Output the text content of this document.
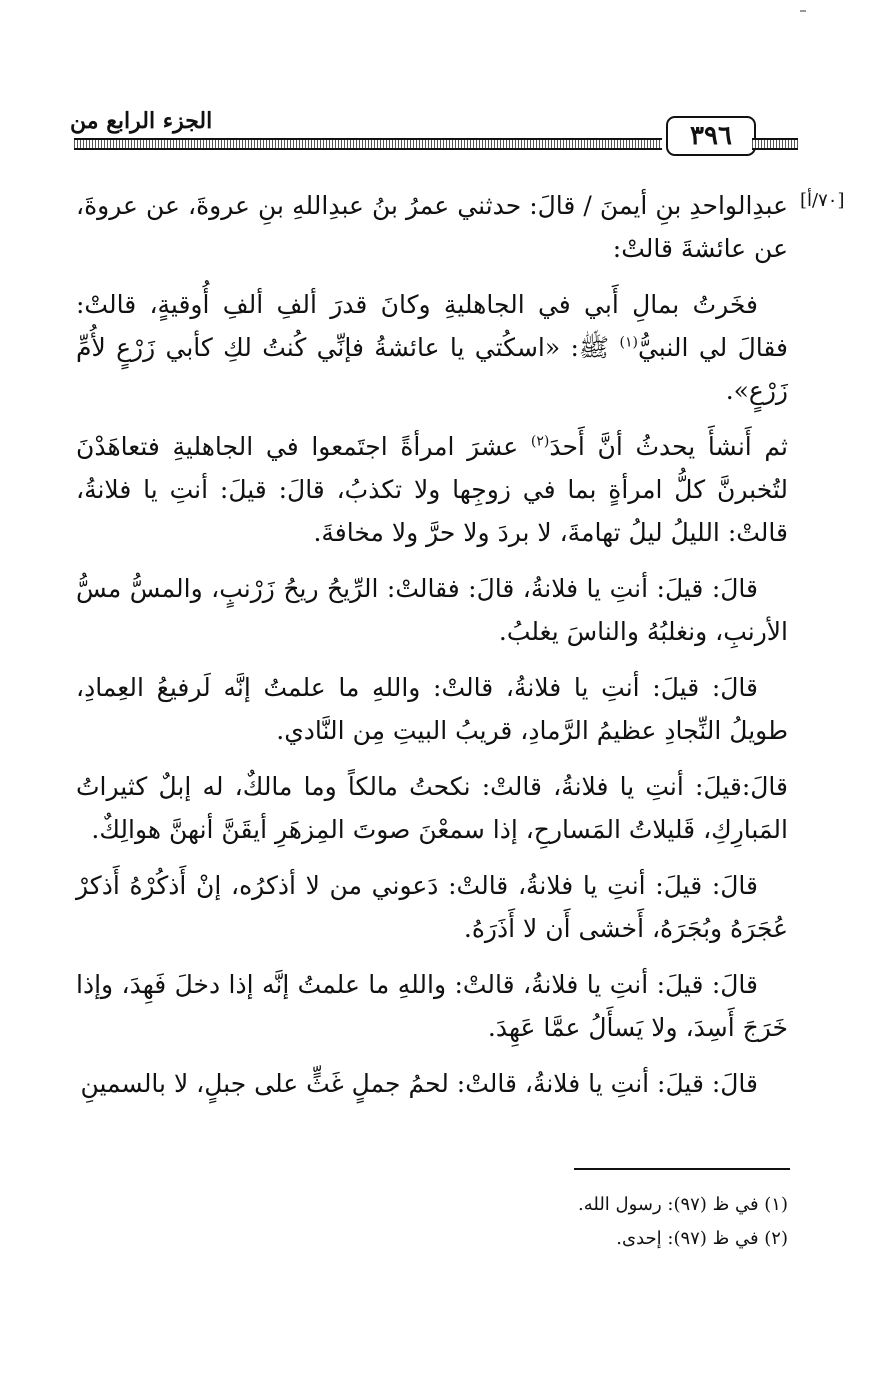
الجزء الرابع من	٣٩٦
[٧٠/أ]

عبدِالواحدِ بنِ أيمنَ / قالَ: حدثني عمرُ بنُ عبدِاللهِ بنِ عروةَ، عن عروةَ، عن عائشةَ قالتْ:

فخَرتُ بمالِ أَبي في الجاهليةِ وكانَ قدرَ ألفِ ألفِ أُوقيةٍ، قالتْ: فقالَ لي النبيُّ$^{(١)}$ ﷺ: «اسكُتي يا عائشةُ فإنِّي كُنتُ لكِ كأبي زَرْعٍ لأُمِّ زَرْعٍ».

ثم أَنشأَ يحدثُ أنَّ أَحدَ$^{(٢)}$ عشرَ امرأةً اجتَمعوا في الجاهليةِ فتعاهَدْنَ لتُخبرنَّ كلُّ امرأةٍ بما في زوجِها ولا تكذبُ، قالَ: قيلَ: أنتِ يا فلانةُ، قالتْ: الليلُ ليلُ تهامةَ، لا بردَ ولا حرَّ ولا مخافةَ.

قالَ: قيلَ: أنتِ يا فلانةُ، قالَ: فقالتْ: الرِّيحُ ريحُ زَرْنبٍ، والمسُّ مسُّ الأرنبِ، ونغلبُهُ والناسَ يغلبُ.

قالَ: قيلَ: أنتِ يا فلانةُ، قالتْ: واللهِ ما علمتُ إنَّه لَرفيعُ العِمادِ، طويلُ النِّجادِ عظيمُ الرَّمادِ، قريبُ البيتِ مِن النَّادي.

قالَ:قيلَ: أنتِ يا فلانةُ، قالتْ: نكحتُ مالكاً وما مالكٌ، له إبلٌ كثيراتُ المَبارِكِ، قَليلاتُ المَسارحِ، إذا سمعْنَ صوتَ المِزهَرِ أيقَنَّ أنهنَّ هوالِكٌ.

قالَ: قيلَ: أنتِ يا فلانةُ، قالتْ: دَعوني من لا أذكرُه، إنْ أَذكُرْهُ أَذكرْ عُجَرَهُ وبُجَرَهُ، أَخشى أَن لا أَذَرَهُ.

قالَ: قيلَ: أنتِ يا فلانةُ، قالتْ: واللهِ ما علمتُ إنَّه إذا دخلَ فَهِدَ، وإذا خَرَجَ أَسِدَ، ولا يَسأَلُ عمَّا عَهِدَ.

قالَ: قيلَ: أنتِ يا فلانةُ، قالتْ: لحمُ جملٍ غَثٍّ على جبلٍ، لا بالسمينِ

(١) في ظ (٩٧): رسول الله.

(٢) في ظ (٩٧): إحدى.
